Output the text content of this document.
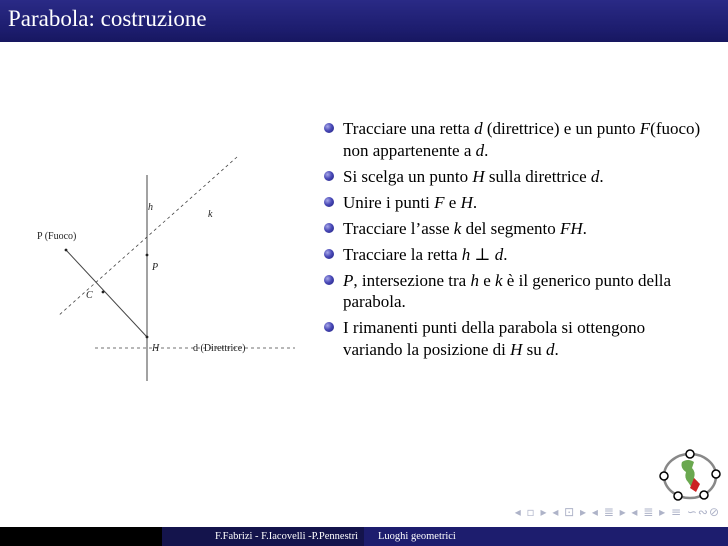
Parabola: costruzione
h
k
P (Fuoco)
P
C
H	d (Direttrice)
Tracciare una retta d (direttrice) e un punto F(fuoco) non appartenente a d.
Si scelga un punto H sulla direttrice d.
Unire i punti F e H.
Tracciare l’asse k del segmento FH.
Tracciare la retta h ⊥ d.
P, intersezione tra h e k è il generico punto della parabola.
I rimanenti punti della parabola si ottengono variando la posizione di H su d.
◂ ▫ ▸ ◂ ⊡ ▸ ◂ ≣ ▸ ◂ ≣ ▸ ≡ ∽∾⊘
F.Fabrizi - F.Iacovelli -P.Pennestrì	Luoghi geometrici
